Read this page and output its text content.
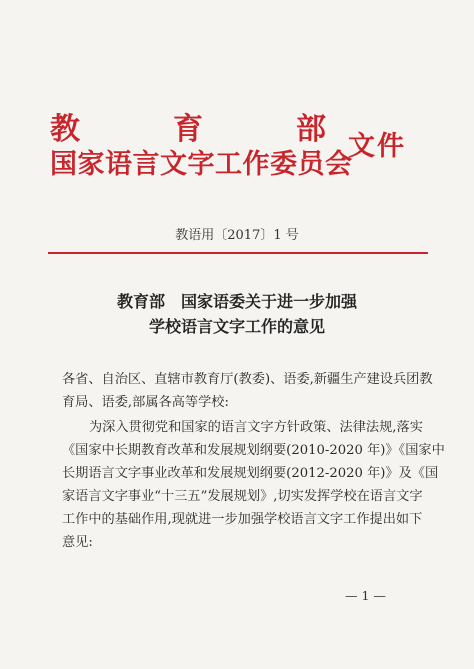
教	育	部
国家语言文字工作委员会
文件
教语用〔2017〕1 号
教育部　国家语委关于进一步加强
学校语言文字工作的意见
各省、自治区、直辖市教育厅(教委)、语委,新疆生产建设兵团教
育局、语委,部属各高等学校:
为深入贯彻党和国家的语言文字方针政策、法律法规,落实
《国家中长期教育改革和发展规划纲要(2010-2020 年)》《国家中
长期语言文字事业改革和发展规划纲要(2012-2020 年)》及《国
家语言文字事业“十三五”发展规划》,切实发挥学校在语言文字
工作中的基础作用,现就进一步加强学校语言文字工作提出如下
意见:
— 1 —
